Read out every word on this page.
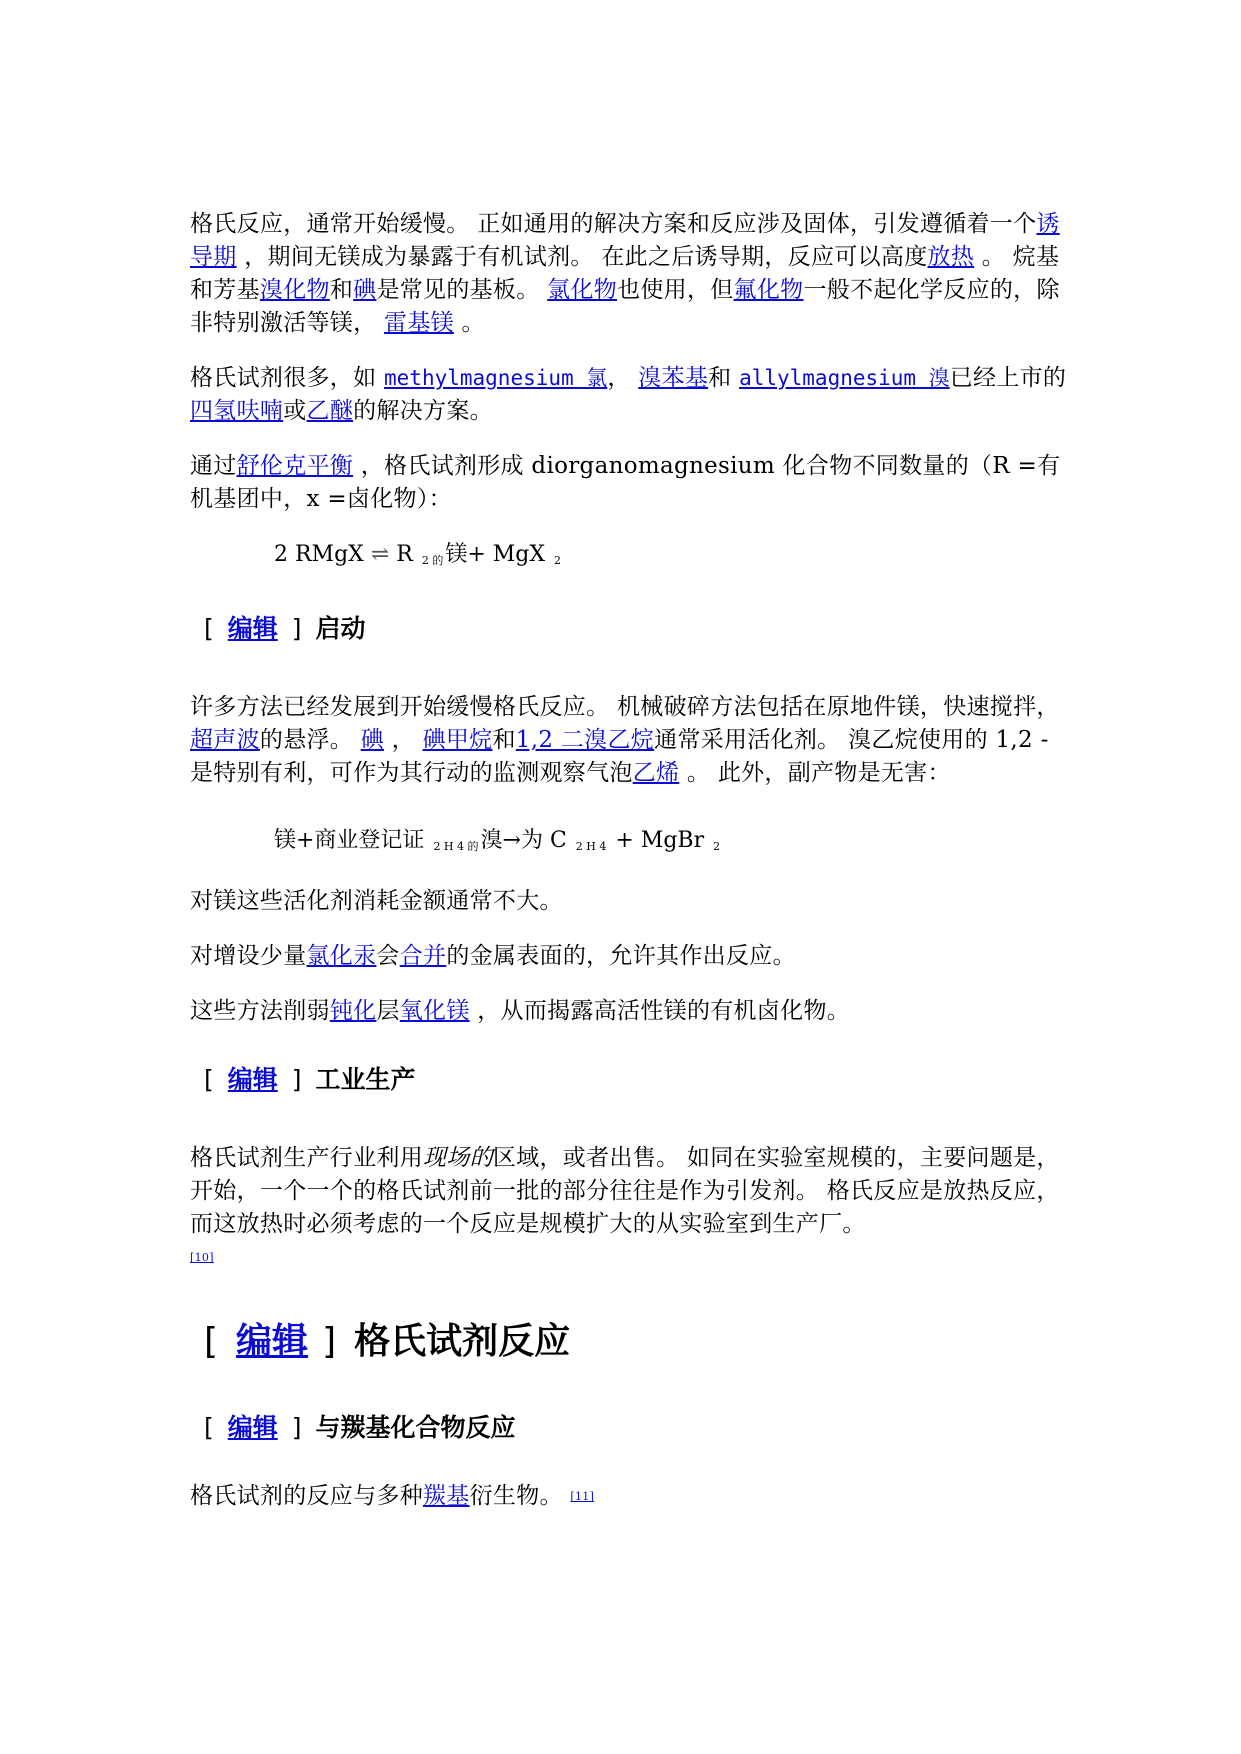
格氏反应，通常开始缓慢。 正如通用的解决方案和反应涉及固体，引发遵循着一个诱导期 ，期间无镁成为暴露于有机试剂。 在此之后诱导期，反应可以高度放热 。 烷基和芳基溴化物和碘是常见的基板。 氯化物也使用，但氟化物一般不起化学反应的，除非特别激活等镁， 雷基镁 。

格氏试剂很多，如 methylmagnesium 氯， 溴苯基和 allylmagnesium 溴已经上市的四氢呋喃或乙醚的解决方案。

通过舒伦克平衡 ，格氏试剂形成 diorganomagnesium 化合物不同数量的（R =有机基团中，x =卤化物）：

2 RMgX ⇌ R $_{2 的}$镁+ MgX $_2$

[ 编辑 ] 启动

许多方法已经发展到开始缓慢格氏反应。 机械破碎方法包括在原地件镁，快速搅拌， 超声波的悬浮。 碘 ， 碘甲烷和1,2 二溴乙烷通常采用活化剂。 溴乙烷使用的 1,2 -是特别有利，可作为其行动的监测观察气泡乙烯 。 此外，副产物是无害：

镁+商业登记证 $_{2 H 4 的}$溴→为 C $_{2 H 4}$ + MgBr $_2$

对镁这些活化剂消耗金额通常不大。

对增设少量氯化汞会合并的金属表面的，允许其作出反应。

这些方法削弱钝化层氧化镁 ，从而揭露高活性镁的有机卤化物。

[ 编辑 ] 工业生产

格氏试剂生产行业利用现场的区域，或者出售。 如同在实验室规模的，主要问题是，开始，一个一个的格氏试剂前一批的部分往往是作为引发剂。 格氏反应是放热反应，而这放热时必须考虑的一个反应是规模扩大的从实验室到生产厂。
[10]

[ 编辑 ] 格氏试剂反应
[ 编辑 ] 与羰基化合物反应

格氏试剂的反应与多种羰基衍生物。 [11]
